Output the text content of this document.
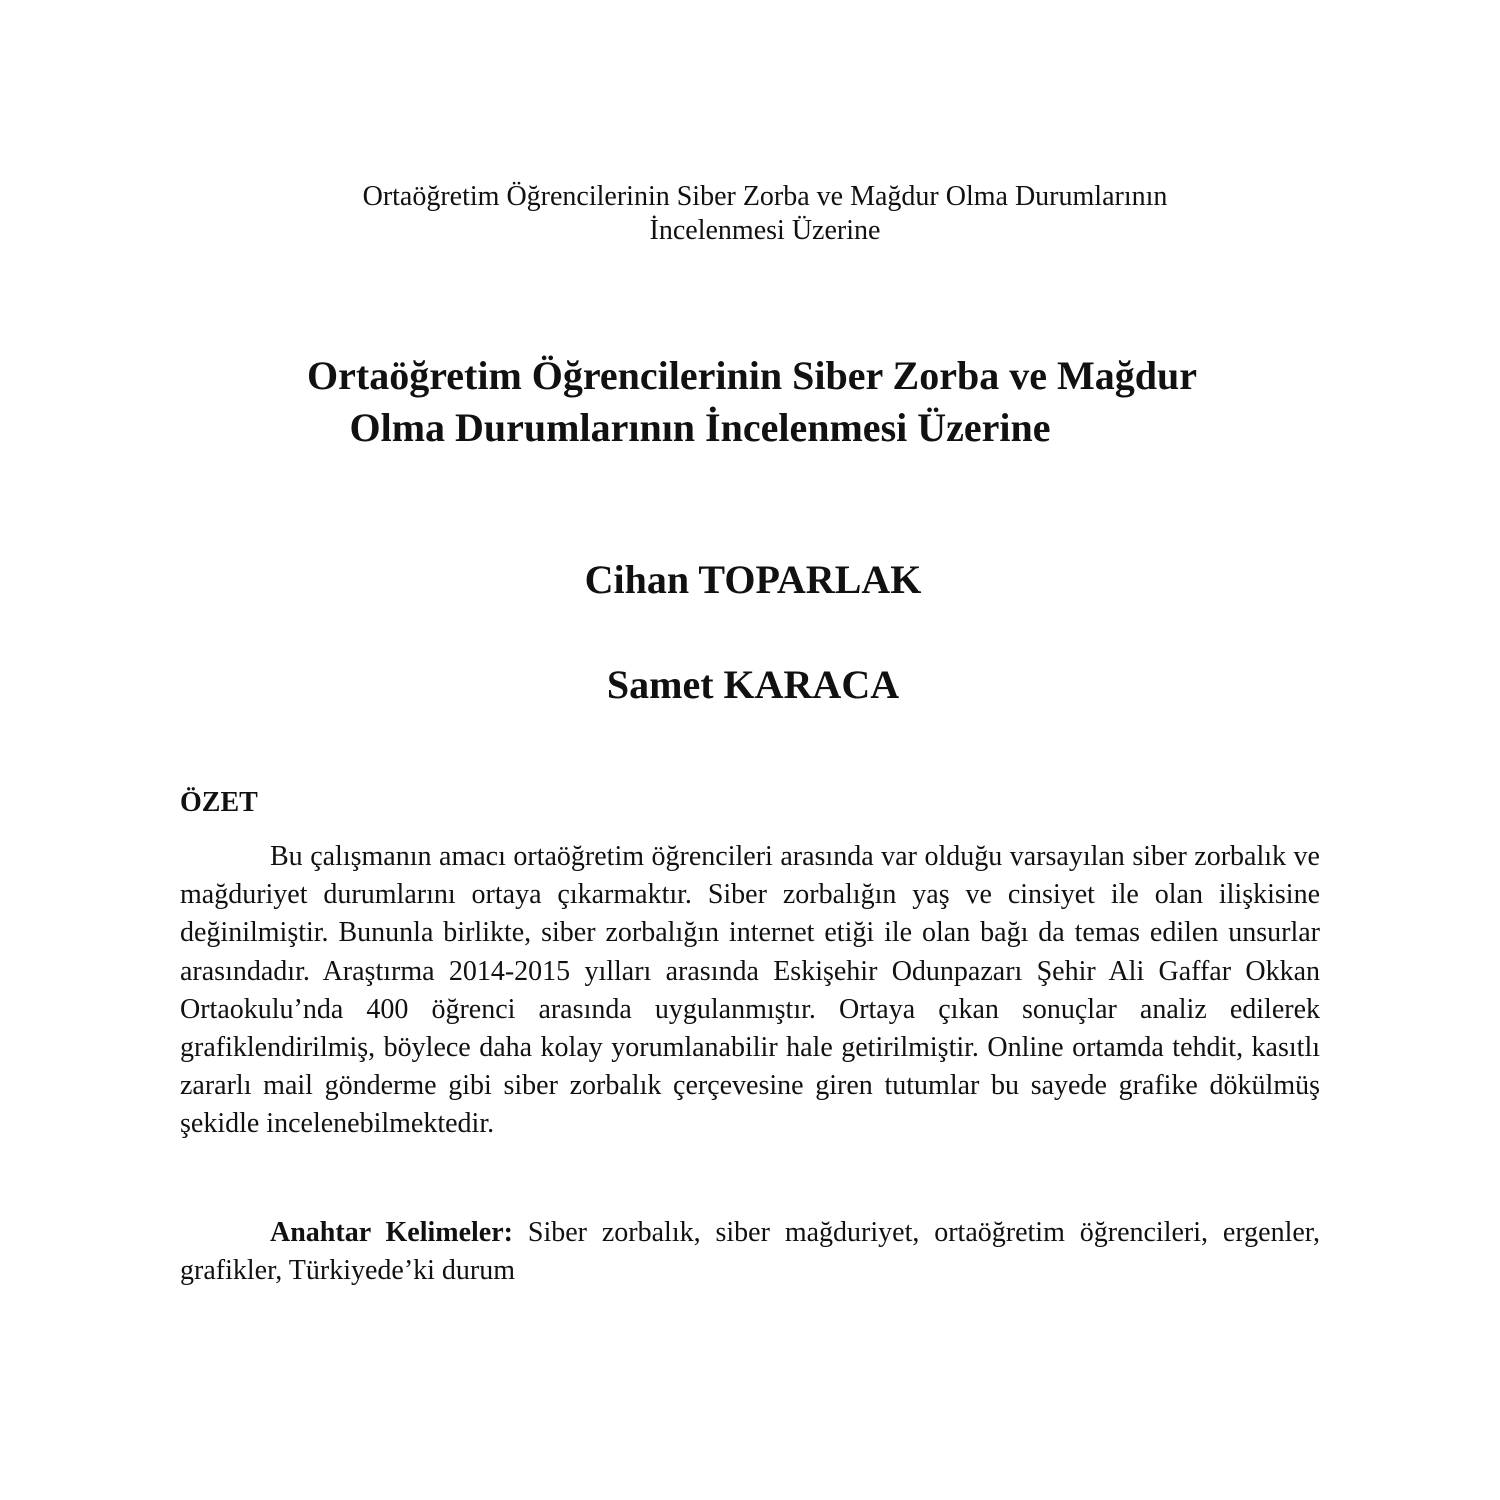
Ortaöğretim Öğrencilerinin Siber Zorba ve Mağdur Olma Durumlarının
İncelenmesi Üzerine
Ortaöğretim Öğrencilerinin Siber Zorba ve Mağdur
Olma Durumlarının İncelenmesi Üzerine

Cihan TOPARLAK

Samet KARACA

ÖZET

Bu çalışmanın amacı ortaöğretim öğrencileri arasında var olduğu varsayılan siber zorbalık ve mağduriyet durumlarını ortaya çıkarmaktır. Siber zorbalığın yaş ve cinsiyet ile olan ilişkisine değinilmiştir. Bununla birlikte, siber zorbalığın internet etiği ile olan bağı da temas edilen unsurlar arasındadır. Araştırma 2014-2015 yılları arasında Eskişehir Odunpazarı Şehir Ali Gaffar Okkan Ortaokulu’nda 400 öğrenci arasında uygulanmıştır. Ortaya çıkan sonuçlar analiz edilerek grafiklendirilmiş, böylece daha kolay yorumlanabilir hale getirilmiştir. Online ortamda tehdit, kasıtlı zararlı mail gönderme gibi siber zorbalık çerçevesine giren tutumlar bu sayede grafike dökülmüş şekidle incelenebilmektedir.

Anahtar Kelimeler: Siber zorbalık, siber mağduriyet, ortaöğretim öğrencileri, ergenler, grafikler, Türkiyede’ki durum
